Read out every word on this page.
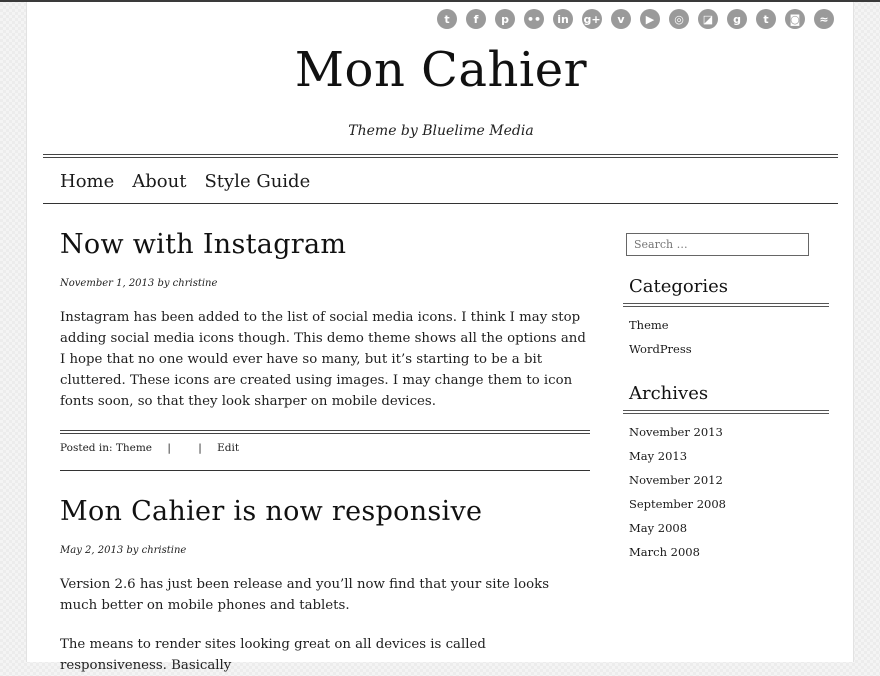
t	f	p	••	in	g+	v	▶	◎	◪	g	t	◙	≈
Mon Cahier
Theme by Bluelime Media
Home About Style Guide
Now with Instagram
November 1, 2013 by christine

Instagram has been added to the list of social media icons. I think I may stop adding social media icons though. This demo theme shows all the options and I hope that no one would ever have so many, but it’s starting to be a bit cluttered. These icons are created using images. I may change them to icon fonts soon, so that they look sharper on mobile devices.

Posted in: Theme |	| Edit
Mon Cahier is now responsive
May 2, 2013 by christine

Version 2.6 has just been release and you’ll now find that your site looks much better on mobile phones and tablets.

The means to render sites looking great on all devices is called responsiveness. Basically

Search …
Categories
Theme
WordPress
Archives
November 2013
May 2013
November 2012
September 2008
May 2008
March 2008
